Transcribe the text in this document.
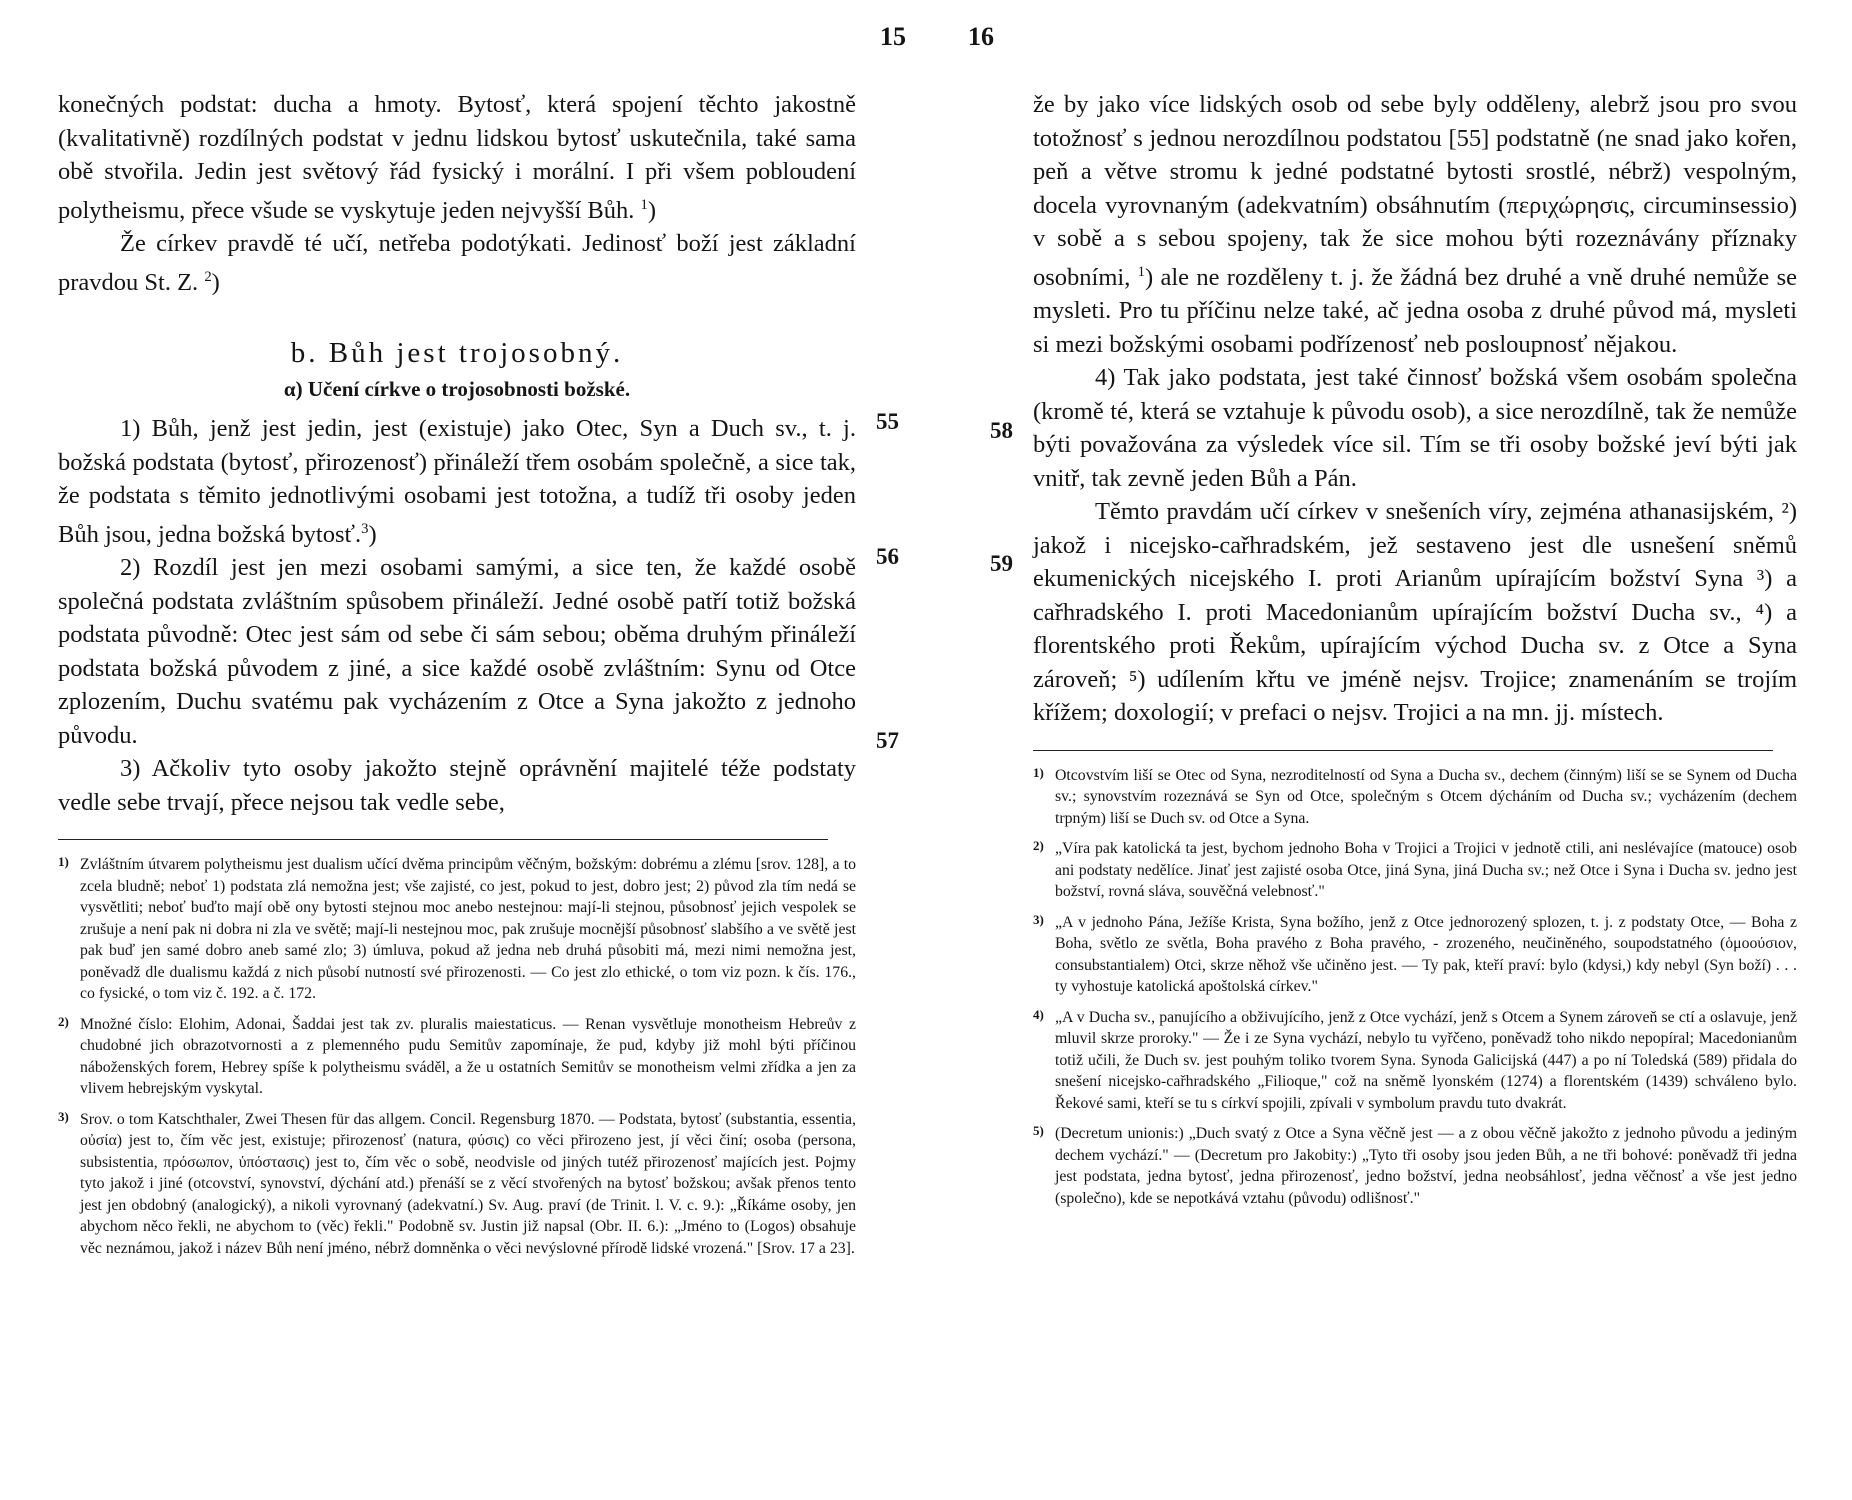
15 16

konečných podstat: ducha a hmoty. Bytosť, která spojení těchto jakostně (kvalitativně) rozdílných podstat v jednu lidskou bytosť uskutečnila, také sama obě stvořila. Jedin jest světový řád fysický i morální. I při všem pobloudení polytheismu, přece všude se vyskytuje jeden nejvyšší Bůh. $^1$)

Že církev pravdě té učí, netřeba podotýkati. Jedinosť boží jest základní pravdou St. Z. $^2$)

b. Bůh jest trojosobný.
α) Učení církve o trojosobnosti božské.

1) Bůh, jenž jest jedin, jest (existuje) jako Otec, Syn a Duch sv., t. j. božská podstata (bytosť, přirozenosť) přináleží třem osobám společně, a sice tak, že podstata s těmito jednotlivými osobami jest totožna, a tudíž tři osoby jeden Bůh jsou, jedna božská bytosť.$^3$)

2) Rozdíl jest jen mezi osobami samými, a sice ten, že každé osobě společná podstata zvláštním spůsobem přináleží. Jedné osobě patří totiž božská podstata původně: Otec jest sám od sebe či sám sebou; oběma druhým přináleží podstata božská původem z jiné, a sice každé osobě zvláštním: Synu od Otce zplozením, Duchu svatému pak vycházením z Otce a Syna jakožto z jednoho původu.

3) Ačkoliv tyto osoby jakožto stejně oprávnění majitelé téže podstaty vedle sebe trvají, přece nejsou tak vedle sebe,

1) Zvláštním útvarem polytheismu jest dualism učící dvěma principům věčným, božským: dobrému a zlému [srov. 128], a to zcela bludně; neboť 1) podstata zlá nemožna jest; vše zajisté, co jest, pokud to jest, dobro jest; 2) původ zla tím nedá se vysvětliti; neboť buďto mají obě ony bytosti stejnou moc anebo nestejnou: mají-li stejnou, působnosť jejich vespolek se zrušuje a není pak ni dobra ni zla ve světě; mají-li nestejnou moc, pak zrušuje mocnější působnosť slabšího a ve světě jest pak buď jen samé dobro aneb samé zlo; 3) úmluva, pokud až jedna neb druhá působiti má, mezi nimi nemožna jest, poněvadž dle dualismu každá z nich působí nutností své přirozenosti. — Co jest zlo ethické, o tom viz pozn. k čís. 176., co fysické, o tom viz č. 192. a č. 172.
2) Množné číslo: Elohim, Adonai, Šaddai jest tak zv. pluralis maiestaticus. — Renan vysvětluje monotheism Hebreův z chudobné jich obrazotvornosti a z plemenného pudu Semitův zapomínaje, že pud, kdyby již mohl býti příčinou náboženských forem, Hebrey spíše k polytheismu sváděl, a že u ostatních Semitův se monotheism velmi zřídka a jen za vlivem hebrejským vyskytal.
3) Srov. o tom Katschthaler, Zwei Thesen für das allgem. Concil. Regensburg 1870. — Podstata, bytosť (substantia, essentia, οὐσία) jest to, čím věc jest, existuje; přirozenosť (natura, φύσις) co věci přirozeno jest, jí věci činí; osoba (persona, subsistentia, πρόσωπον, ὑπόστασις) jest to, čím věc o sobě, neodvisle od jiných tutéž přirozenosť majících jest. Pojmy tyto jakož i jiné (otcovství, synovství, dýchání atd.) přenáší se z věcí stvořených na bytosť božskou; avšak přenos tento jest jen obdobný (analogický), a nikoli vyrovnaný (adekvatní.) Sv. Aug. praví (de Trinit. l. V. c. 9.): „Říkáme osoby, jen abychom něco řekli, ne abychom to (věc) řekli." Podobně sv. Justin již napsal (Obr. II. 6.): „Jméno to (Logos) obsahuje věc neznámou, jakož i název Bůh není jméno, nébrž domněnka o věci nevýslovné přírodě lidské vrozená." [Srov. 17 a 23].
55
56
57
58
59

že by jako více lidských osob od sebe byly odděleny, alebrž jsou pro svou totožnosť s jednou nerozdílnou podstatou [55] podstatně (ne snad jako kořen, peň a větve stromu k jedné podstatné bytosti srostlé, nébrž) vespolným, docela vyrovnaným (adekvatním) obsáhnutím (περιχώρησις, circuminsessio) v sobě a s sebou spojeny, tak že sice mohou býti rozeznávány příznaky osobními, $^1$) ale ne rozděleny t. j. že žádná bez druhé a vně druhé nemůže se mysleti. Pro tu příčinu nelze také, ač jedna osoba z druhé původ má, mysleti si mezi božskými osobami podřízenosť neb posloupnosť nějakou.

4) Tak jako podstata, jest také činnosť božská všem osobám společna (kromě té, která se vztahuje k původu osob), a sice nerozdílně, tak že nemůže býti považována za výsledek více sil. Tím se tři osoby božské jeví býti jak vnitř, tak zevně jeden Bůh a Pán.

Těmto pravdám učí církev v snešeních víry, zejména athanasijském, ²) jakož i nicejsko-cařhradském, jež sestaveno jest dle usnešení sněmů ekumenických nicejského I. proti Arianům upírajícím božství Syna ³) a cařhradského I. proti Macedonianům upírajícím božství Ducha sv., ⁴) a florentského proti Řekům, upírajícím východ Ducha sv. z Otce a Syna zároveň; ⁵) udílením křtu ve jméně nejsv. Trojice; znamenáním se trojím křížem; doxologií; v prefaci o nejsv. Trojici a na mn. jj. místech.

1) Otcovstvím liší se Otec od Syna, nezroditelností od Syna a Ducha sv., dechem (činným) liší se se Synem od Ducha sv.; synovstvím rozeznává se Syn od Otce, společným s Otcem dýcháním od Ducha sv.; vycházením (dechem trpným) liší se Duch sv. od Otce a Syna.
2) „Víra pak katolická ta jest, bychom jednoho Boha v Trojici a Trojici v jednotě ctili, ani neslévajíce (matouce) osob ani podstaty nedělíce. Jinať jest zajisté osoba Otce, jiná Syna, jiná Ducha sv.; než Otce i Syna i Ducha sv. jedno jest božství, rovná sláva, souvěčná velebnosť."
3) „A v jednoho Pána, Ježíše Krista, Syna božího, jenž z Otce jednorozený splozen, t. j. z podstaty Otce, — Boha z Boha, světlo ze světla, Boha pravého z Boha pravého, - zrozeného, neučiněného, soupodstatného (ὁμοούσιον, consubstantialem) Otci, skrze něhož vše učiněno jest. — Ty pak, kteří praví: bylo (kdysi,) kdy nebyl (Syn boží) . . . ty vyhostuje katolická apoštolská církev."
4) „A v Ducha sv., panujícího a obživujícího, jenž z Otce vychází, jenž s Otcem a Synem zároveň se ctí a oslavuje, jenž mluvil skrze proroky." — Že i ze Syna vychází, nebylo tu vyřčeno, poněvadž toho nikdo nepopíral; Macedonianům totiž učili, že Duch sv. jest pouhým toliko tvorem Syna. Synoda Galicijská (447) a po ní Toledská (589) přidala do snešení nicejsko-cařhradského „Filioque," což na sněmě lyonském (1274) a florentském (1439) schváleno bylo. Řekové sami, kteří se tu s církví spojili, zpívali v symbolum pravdu tuto dvakrát.
5) (Decretum unionis:) „Duch svatý z Otce a Syna věčně jest — a z obou věčně jakožto z jednoho původu a jediným dechem vychází." — (Decretum pro Jakobity:) „Tyto tři osoby jsou jeden Bůh, a ne tři bohové: poněvadž tři jedna jest podstata, jedna bytosť, jedna přirozenosť, jedno božství, jedna neobsáhlosť, jedna věčnosť a vše jest jedno (společno), kde se nepotkává vztahu (původu) odlišnosť."
